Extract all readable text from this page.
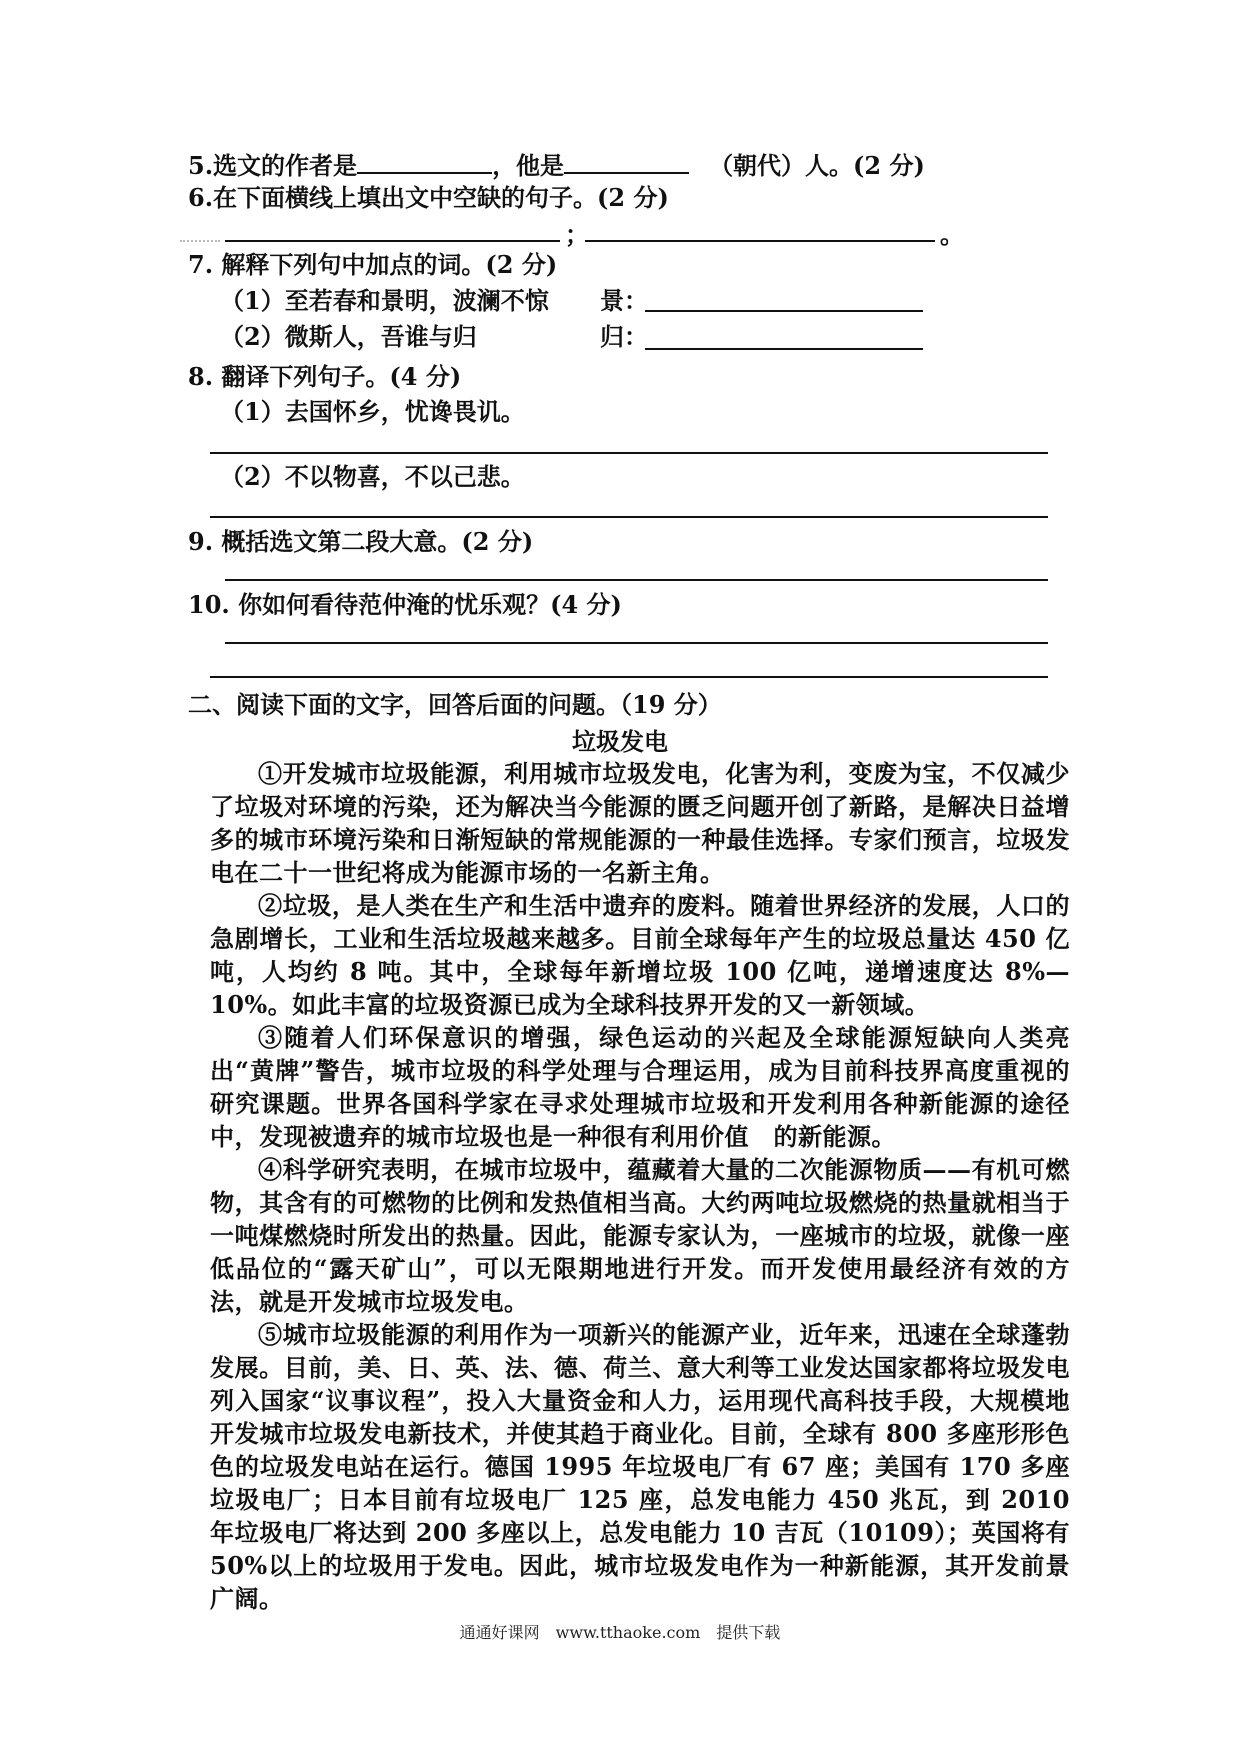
5.选文的作者是	，他是	（朝代）人。(2 分)
6.在下面横线上填出文中空缺的句子。(2 分)
；	。
7. 解释下列句中加点的词。(2 分)
（1）至若春和景明，波澜不惊 景：
（2）微斯人，吾谁与归	归：
8. 翻译下列句子。(4 分)
（1）去国怀乡，忧谗畏讥。
（2）不以物喜，不以己悲。
9. 概括选文第二段大意。(2 分)
10. 你如何看待范仲淹的忧乐观？(4 分)
二、阅读下面的文字，回答后面的问题。（19 分）
垃圾发电

①开发城市垃圾能源，利用城市垃圾发电，化害为利，变废为宝，不仅减少了垃圾对环境的污染，还为解决当今能源的匮乏问题开创了新路，是解决日益增多的城市环境污染和日渐短缺的常规能源的一种最佳选择。专家们预言，垃圾发电在二十一世纪将成为能源市场的一名新主角。

②垃圾，是人类在生产和生活中遗弃的废料。随着世界经济的发展，人口的急剧增长，工业和生活垃圾越来越多。目前全球每年产生的垃圾总量达 450 亿吨，人均约 8 吨。其中，全球每年新增垃圾 100 亿吨，递增速度达 8%—10%。如此丰富的垃圾资源已成为全球科技界开发的又一新领域。

③随着人们环保意识的增强，绿色运动的兴起及全球能源短缺向人类亮出“黄牌”警告，城市垃圾的科学处理与合理运用，成为目前科技界高度重视的研究课题。世界各国科学家在寻求处理城市垃圾和开发利用各种新能源的途径中，发现被遗弃的城市垃圾也是一种很有利用价值　的新能源。

④科学研究表明，在城市垃圾中，蕴藏着大量的二次能源物质——有机可燃物，其含有的可燃物的比例和发热值相当高。大约两吨垃圾燃烧的热量就相当于一吨煤燃烧时所发出的热量。因此，能源专家认为，一座城市的垃圾，就像一座低品位的“露天矿山”，可以无限期地进行开发。而开发使用最经济有效的方法，就是开发城市垃圾发电。

⑤城市垃圾能源的利用作为一项新兴的能源产业，近年来，迅速在全球蓬勃发展。目前，美、日、英、法、德、荷兰、意大利等工业发达国家都将垃圾发电列入国家“议事议程”，投入大量资金和人力，运用现代高科技手段，大规模地开发城市垃圾发电新技术，并使其趋于商业化。目前，全球有 800 多座形形色色的垃圾发电站在运行。德国 1995 年垃圾电厂有 67 座；美国有 170 多座垃圾电厂；日本目前有垃圾电厂 125 座，总发电能力 450 兆瓦，到 2010 年垃圾电厂将达到 200 多座以上，总发电能力 10 吉瓦（10109）；英国将有 50%以上的垃圾用于发电。因此，城市垃圾发电作为一种新能源，其开发前景广阔。

通通好课网　www.tthaoke.com　提供下载
